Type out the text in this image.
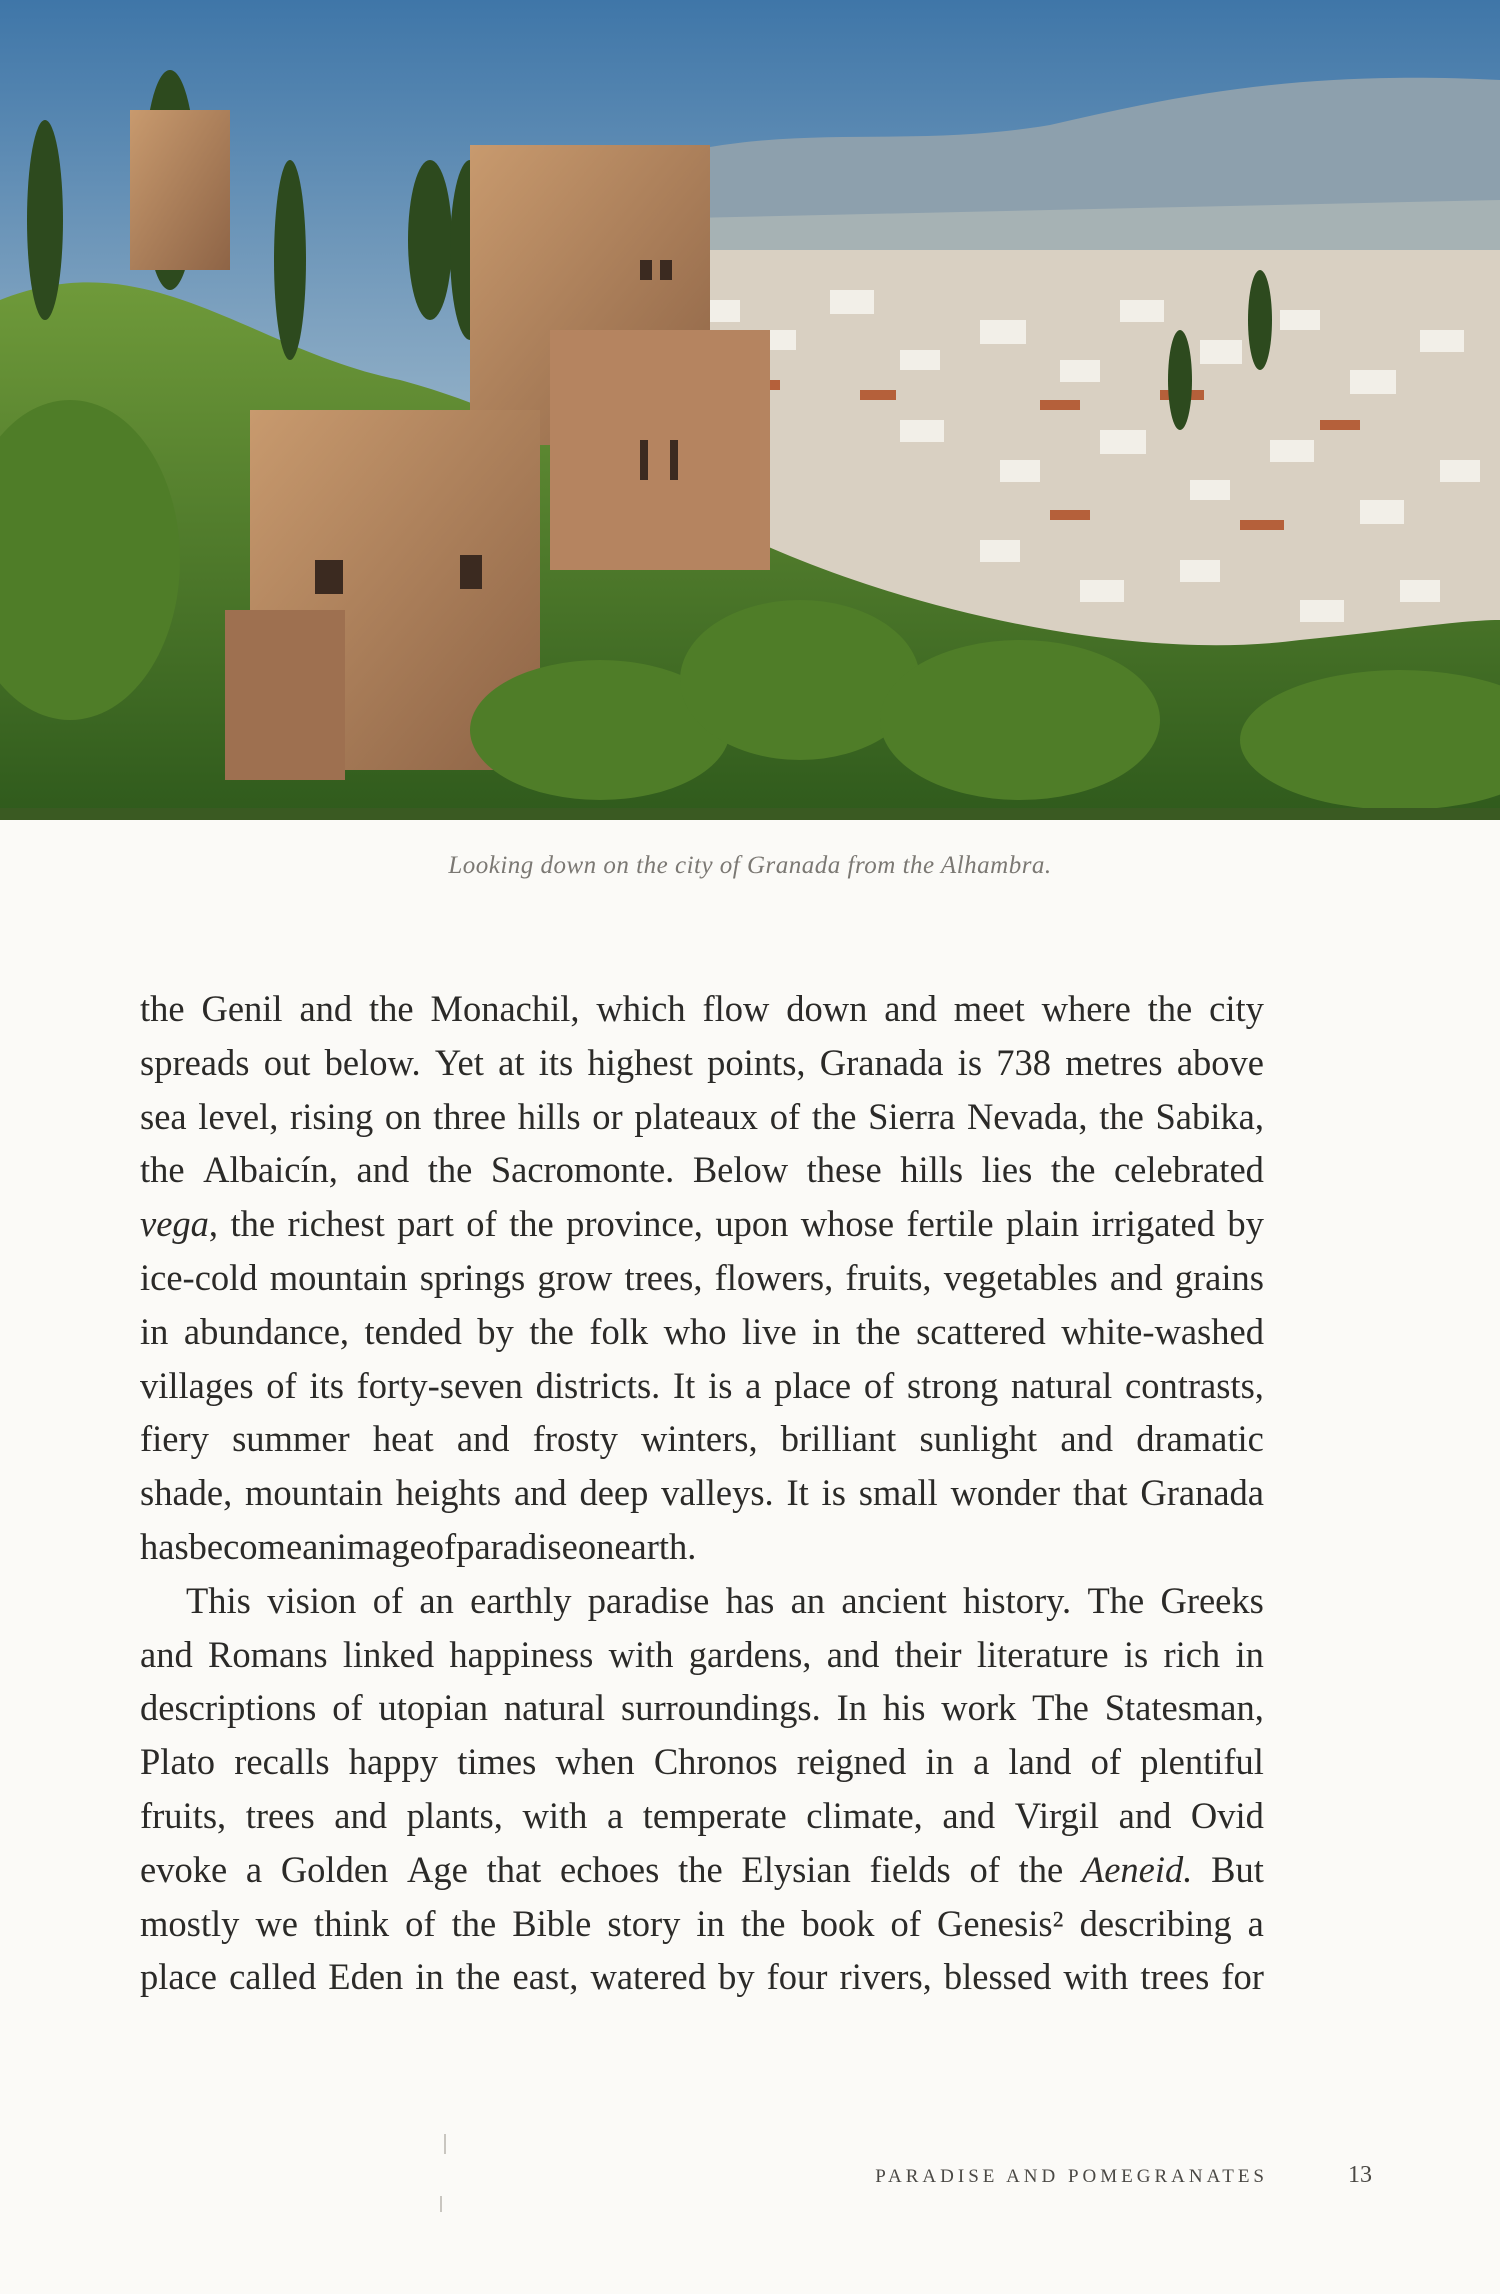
Looking down on the city of Granada from the Alhambra.
the Genil and the Monachil, which flow down and meet where the city
spreads out below. Yet at its highest points, Granada is 738 metres above
sea level, rising on three hills or plateaux of the Sierra Nevada, the Sabika,
the Albaicín, and the Sacromonte. Below these hills lies the celebrated
vega, the richest part of the province, upon whose fertile plain irrigated by
ice-cold mountain springs grow trees, flowers, fruits, vegetables and grains
in abundance, tended by the folk who live in the scattered white-washed
villages of its forty-seven districts. It is a place of strong natural contrasts,
fiery summer heat and frosty winters, brilliant sunlight and dramatic
shade, mountain heights and deep valleys. It is small wonder that Granada
has become an image of paradise on earth.
This vision of an earthly paradise has an ancient history. The Greeks
and Romans linked happiness with gardens, and their literature is rich in
descriptions of utopian natural surroundings. In his work The Statesman,
Plato recalls happy times when Chronos reigned in a land of plentiful
fruits, trees and plants, with a temperate climate, and Virgil and Ovid
evoke a Golden Age that echoes the Elysian fields of the Aeneid. But
mostly we think of the Bible story in the book of Genesis² describing a
place called Eden in the east, watered by four rivers, blessed with trees for
PARADISE AND POMEGRANATES	13
